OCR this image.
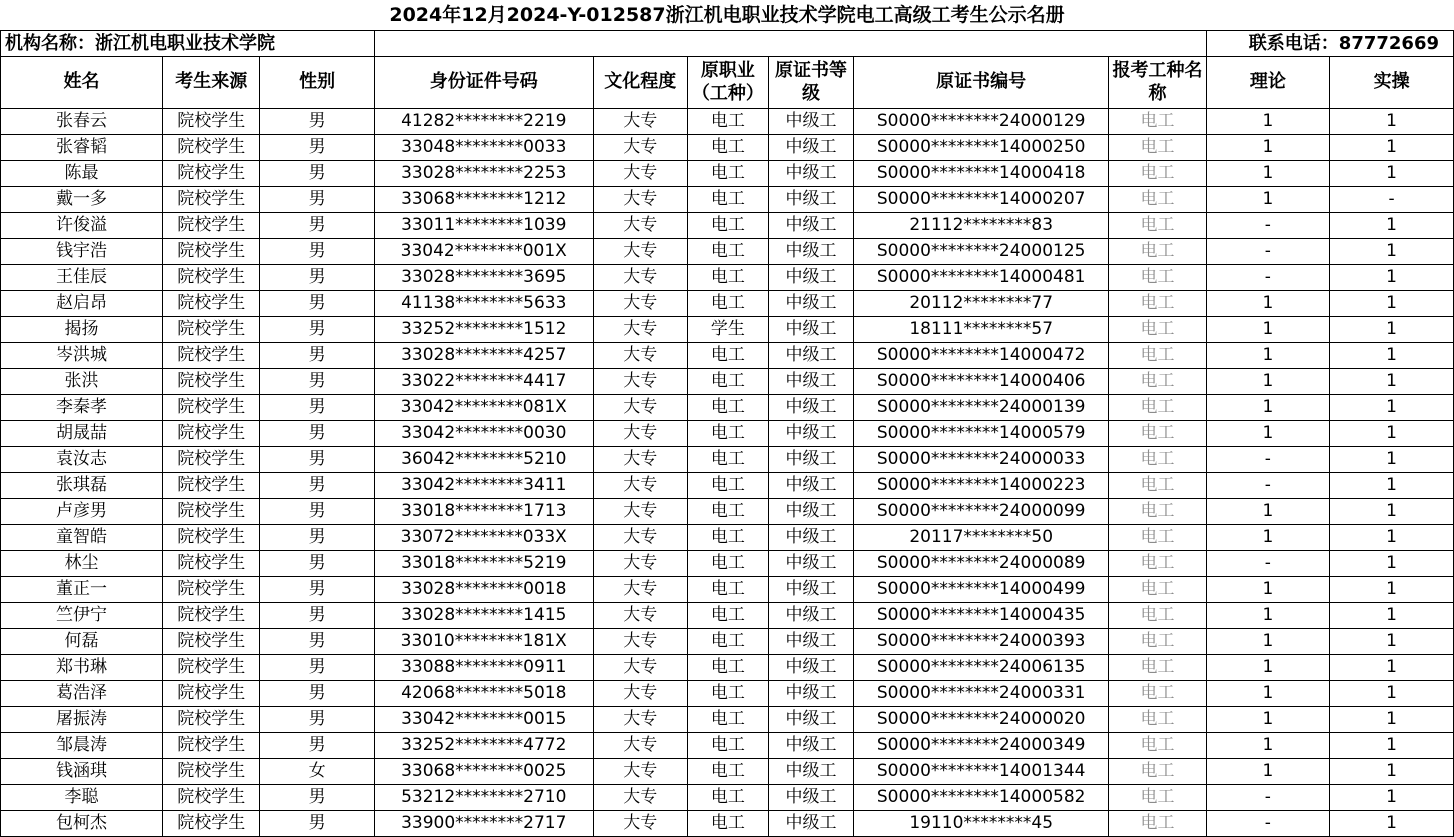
2024年12月2024-Y-012587浙江机电职业技术学院电工高级工考生公示名册										
机构名称：浙江机电职业技术学院									联系电话：87772669	
姓名	考生来源	性别	身份证件号码	文化程度	原职业（工种）	原证书等级	原证书编号	报考工种名称	理论	实操
张春云	院校学生	男	41282********2219	大专	电工	中级工	S0000********24000129	电工	1	1
张睿韬	院校学生	男	33048********0033	大专	电工	中级工	S0000********14000250	电工	1	1
陈最	院校学生	男	33028********2253	大专	电工	中级工	S0000********14000418	电工	1	1
戴一多	院校学生	男	33068********1212	大专	电工	中级工	S0000********14000207	电工	1	-
许俊溢	院校学生	男	33011********1039	大专	电工	中级工	21112********83	电工	-	1
钱宇浩	院校学生	男	33042********001X	大专	电工	中级工	S0000********24000125	电工	-	1
王佳辰	院校学生	男	33028********3695	大专	电工	中级工	S0000********14000481	电工	-	1
赵启昂	院校学生	男	41138********5633	大专	电工	中级工	20112********77	电工	1	1
揭扬	院校学生	男	33252********1512	大专	学生	中级工	18111********57	电工	1	1
岑洪城	院校学生	男	33028********4257	大专	电工	中级工	S0000********14000472	电工	1	1
张洪	院校学生	男	33022********4417	大专	电工	中级工	S0000********14000406	电工	1	1
李秦孝	院校学生	男	33042********081X	大专	电工	中级工	S0000********24000139	电工	1	1
胡晟喆	院校学生	男	33042********0030	大专	电工	中级工	S0000********14000579	电工	1	1
袁汝志	院校学生	男	36042********5210	大专	电工	中级工	S0000********24000033	电工	-	1
张琪磊	院校学生	男	33042********3411	大专	电工	中级工	S0000********14000223	电工	-	1
卢彦男	院校学生	男	33018********1713	大专	电工	中级工	S0000********24000099	电工	1	1
童智皓	院校学生	男	33072********033X	大专	电工	中级工	20117********50	电工	1	1
林尘	院校学生	男	33018********5219	大专	电工	中级工	S0000********24000089	电工	-	1
董正一	院校学生	男	33028********0018	大专	电工	中级工	S0000********14000499	电工	1	1
竺伊宁	院校学生	男	33028********1415	大专	电工	中级工	S0000********14000435	电工	1	1
何磊	院校学生	男	33010********181X	大专	电工	中级工	S0000********24000393	电工	1	1
郑书琳	院校学生	男	33088********0911	大专	电工	中级工	S0000********24006135	电工	1	1
葛浩泽	院校学生	男	42068********5018	大专	电工	中级工	S0000********24000331	电工	1	1
屠振涛	院校学生	男	33042********0015	大专	电工	中级工	S0000********24000020	电工	1	1
邹晨涛	院校学生	男	33252********4772	大专	电工	中级工	S0000********24000349	电工	1	1
钱涵琪	院校学生	女	33068********0025	大专	电工	中级工	S0000********14001344	电工	1	1
李聪	院校学生	男	53212********2710	大专	电工	中级工	S0000********14000582	电工	-	1
包柯杰	院校学生	男	33900********2717	大专	电工	中级工	19110********45	电工	-	1
